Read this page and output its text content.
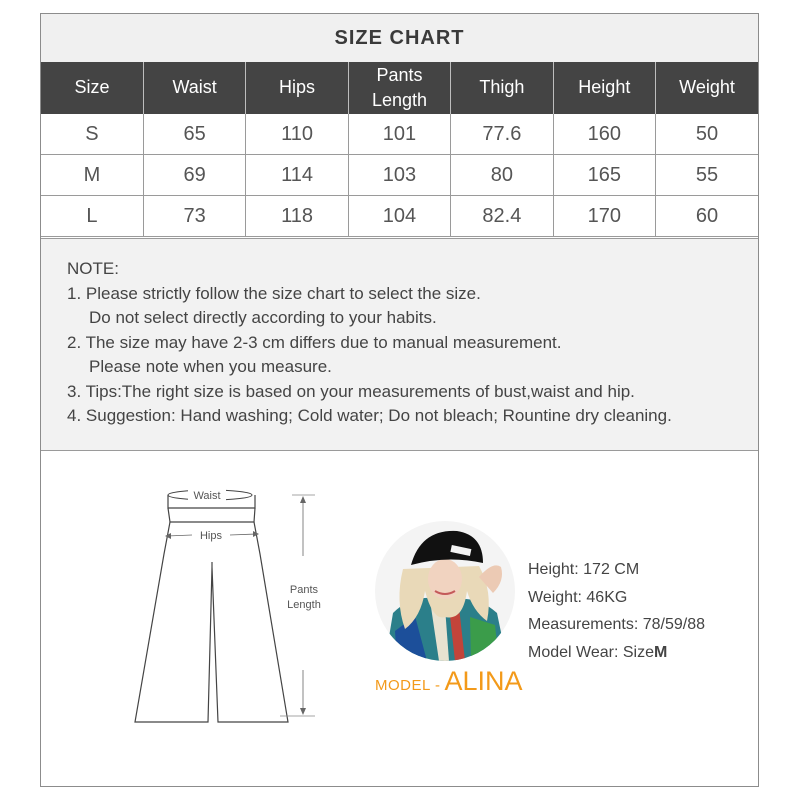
SIZE CHART
Size	Waist	Hips	Pants Length	Thigh	Height	Weight
S	65	110	101	77.6	160	50
M	69	114	103	80	165	55
L	73	118	104	82.4	170	60
NOTE:
1. Please strictly follow the size chart to select the size.
Do not select directly according to your habits.
2. The size may have 2-3 cm differs due to manual measurement.
Please note when you measure.
3. Tips:The right size is based on your measurements of bust,waist and hip.
4. Suggestion: Hand washing; Cold water; Do not bleach; Rountine dry cleaning.
Waist
Hips
Pants
Length
MODEL - ALINA
Height: 172 CM
Weight: 46KG
Measurements: 78/59/88
Model Wear: SizeM
